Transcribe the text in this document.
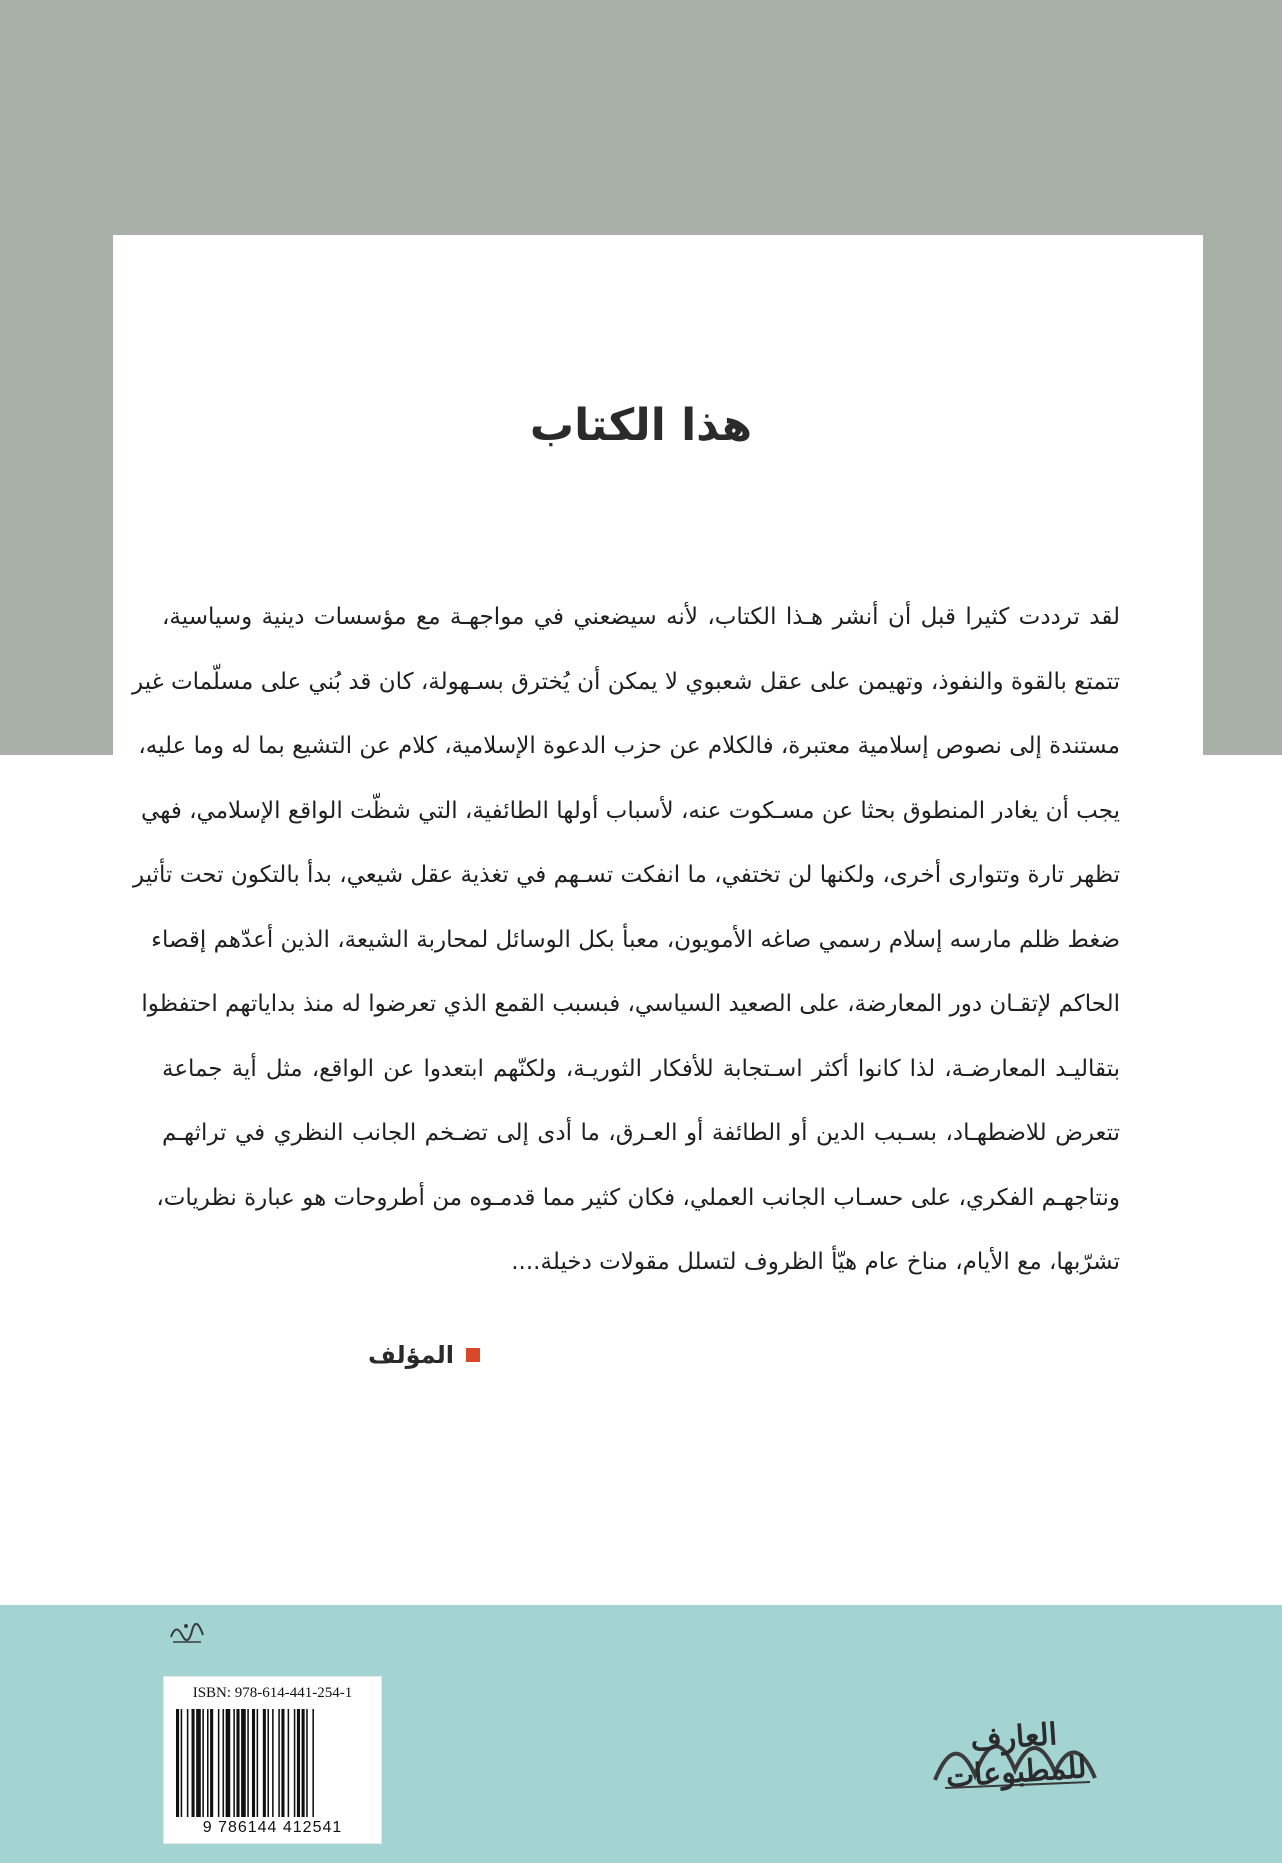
هذا الكتاب
لقد ترددت كثيرا قبل أن أنشر هـذا الكتاب، لأنه سيضعني في مواجهـة مع مؤسسات دينية وسياسية،
تتمتع بالقوة والنفوذ، وتهيمن على عقل شعبوي لا يمكن أن يُخترق بسـهولة، كان قد بُني على مسلّمات غير
مستندة إلى نصوص إسلامية معتبرة، فالكلام عن حزب الدعوة الإسلامية، كلام عن التشيع بما له وما عليه،
يجب أن يغادر المنطوق بحثا عن مسـكوت عنه، لأسباب أولها الطائفية، التي شظّت الواقع الإسلامي، فهي
تظهر تارة وتتوارى أخرى، ولكنها لن تختفي، ما انفكت تسـهم في تغذية عقل شيعي، بدأ بالتكون تحت تأثير
ضغط ظلم مارسه إسلام رسمي صاغه الأمويون، معبأ بكل الوسائل لمحاربة الشيعة، الذين أعدّهم إقصاء
الحاكم لإتقـان دور المعارضة، على الصعيد السياسي، فبسبب القمع الذي تعرضوا له منذ بداياتهم احتفظوا
بتقاليـد المعارضـة، لذا كانوا أكثر اسـتجابة للأفكار الثوريـة، ولكنّهم ابتعدوا عن الواقع، مثل أية جماعة
تتعرض للاضطهـاد، بسـبب الدين أو الطائفة أو العـرق، ما أدى إلى تضـخم الجانب النظري في تراثهـم
ونتاجهـم الفكري، على حسـاب الجانب العملي، فكان كثير مما قدمـوه من أطروحات هو عبارة نظريات،
تشرّبها، مع الأيام، مناخ عام هيّأ الظروف لتسلل مقولات دخيلة....
المؤلف
ISBN: 978-614-441-254-1
9 786144 412541
العارف للمطبوعات
